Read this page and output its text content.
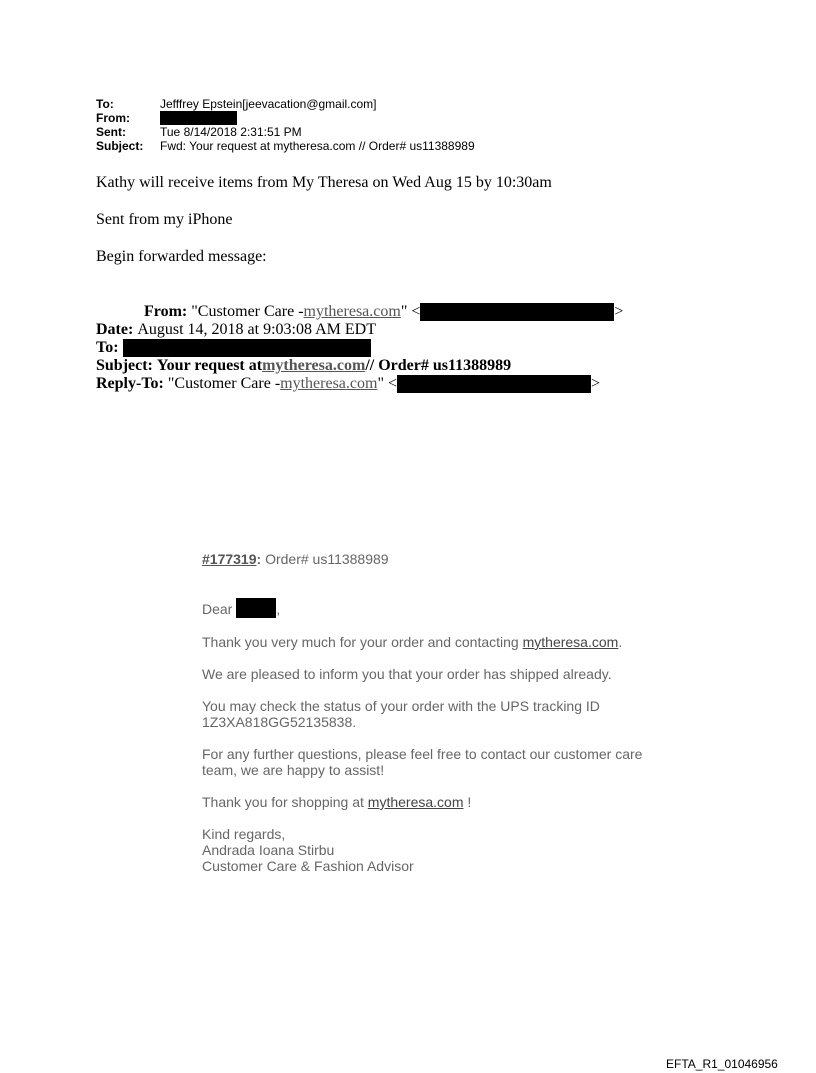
To:	Jefffrey Epstein[jeevacation@gmail.com]
From:
Sent:	Tue 8/14/2018 2:31:51 PM
Subject:	Fwd: Your request at mytheresa.com // Order# us11388989

Kathy will receive items from My Theresa on Wed Aug 15 by 10:30am

Sent from my iPhone

Begin forwarded message:

From:
"Customer Care - mytheresa.com " <	>
Date:
August 14, 2018 at 9:03:08 AM EDT
To:

Subject:
Your request at mytheresa.com // Order# us11388989
Reply-To:
"Customer Care - mytheresa.com " <	>

#177319: Order# us11388989

Dear	,

Thank you very much for your order and contacting mytheresa.com.

We are pleased to inform you that your order has shipped already.

You may check the status of your order with the UPS tracking ID 1Z3XA818GG52135838.

For any further questions, please feel free to contact our customer care team, we are happy to assist!

Thank you for shopping at mytheresa.com !

Kind regards,

Andrada Ioana Stirbu

Customer Care & Fashion Advisor

EFTA_R1_01046956
